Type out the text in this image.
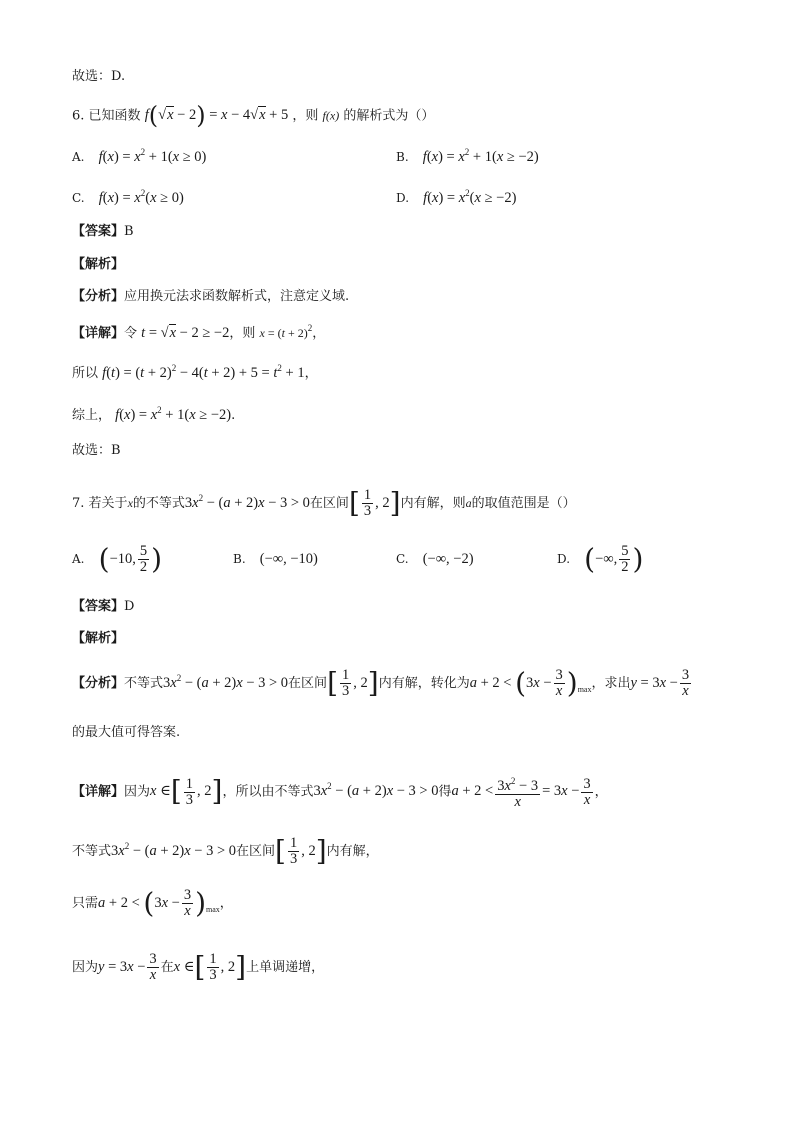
故选：D.
6. 已知函数 f(√x − 2) = x − 4√x + 5 ，则 f(x) 的解析式为（）
A. $f(x) = x^2 + 1(x \ge 0)$	B. $f(x) = x^2 + 1(x \ge -2)$
C. $f(x) = x^2(x \ge 0)$	D. $f(x) = x^2(x \ge -2)$
【答案】B
【解析】
【分析】应用换元法求函数解析式，注意定义域.
【详解】令 t = √x − 2 ≥ −2，则 $x = (t + 2)^2$，
所以 $f(t) = (t + 2)^2 - 4(t + 2) + 5 = t^2 + 1$，
综上， $f(x) = x^2 + 1(x \ge -2)$.
故选：B
7. 若关于x的不等式$3x^2 - (a + 2)x - 3 > 0$在区间[ $\frac{1}{3}$ , 2]内有解，则a的取值范围是（）
A. (−10, $\frac{5}{2}$ )	B. (−∞, −10)	C. (−∞, −2)	D. (−∞, $\frac{5}{2}$ )
【答案】D
【解析】
【分析】不等式$3x^2 - (a + 2)x - 3 > 0$在区间[ $\frac{1}{3}$ , 2]内有解，转化为$a + 2 < (3x - \frac{3}{x} )_{max}$，求出$y = 3x - \frac{3}{x}$
的最大值可得答案.
【详解】因为x ∈[ $\frac{1}{3}$ , 2]，所以由不等式$3x^2 - (a + 2)x - 3 > 0$得$a + 2 < \frac{3x^2 - 3}{x} = 3x - \frac{3}{x}$ ，
不等式$3x^2 - (a + 2)x - 3 > 0$在区间[ $\frac{1}{3}$ , 2]内有解，
只需$a + 2 < (3x - \frac{3}{x} )_{max}$，
因为$y = 3x - \frac{3}{x}$ 在x ∈[ $\frac{1}{3}$ , 2]上单调递增，
